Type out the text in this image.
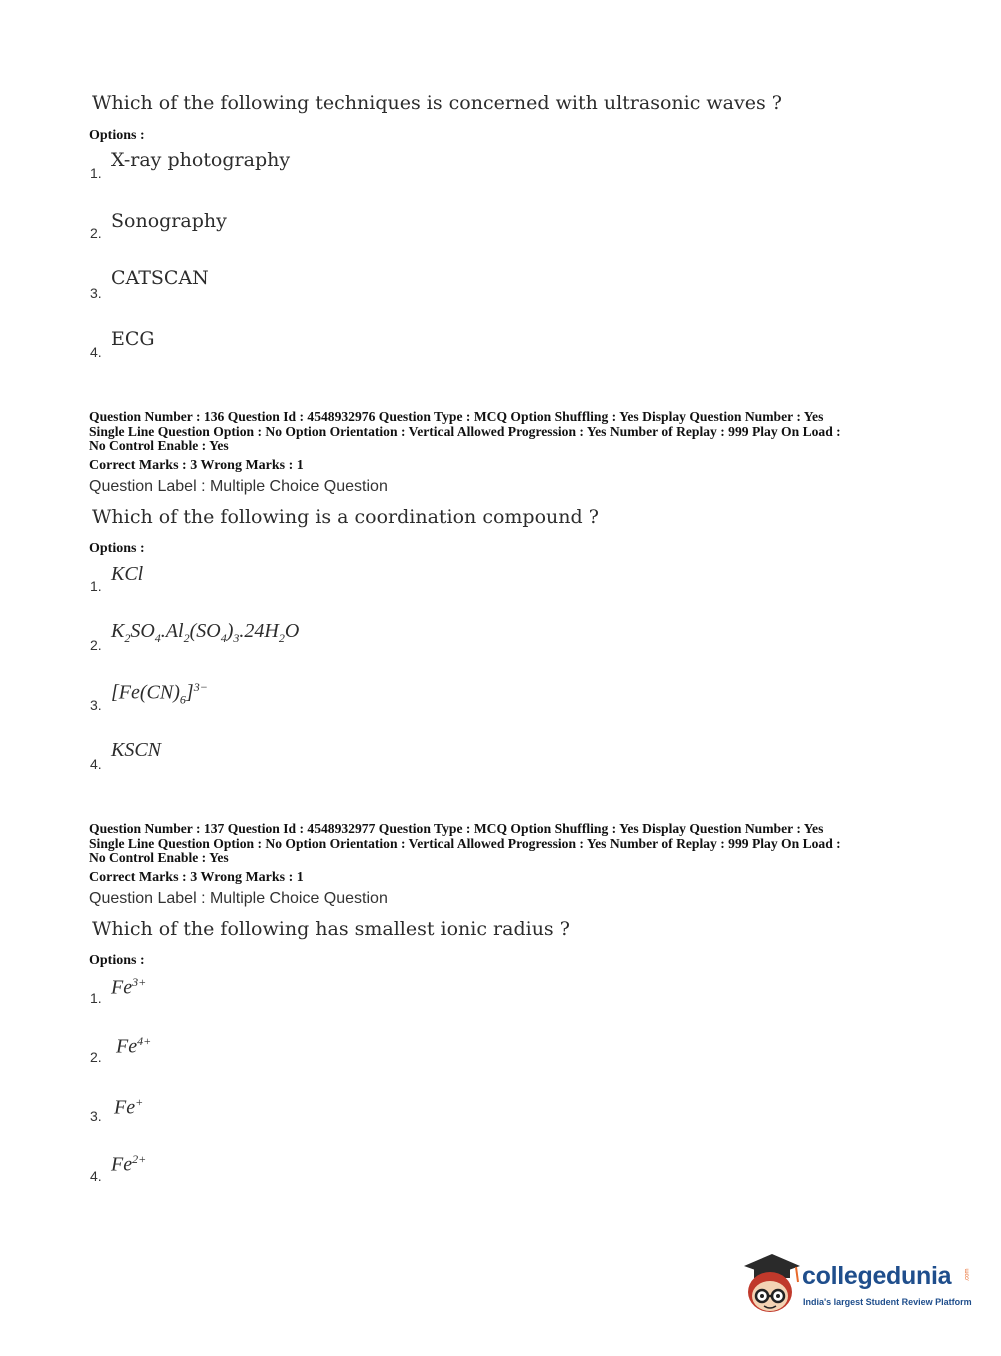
Which of the following techniques is concerned with ultrasonic waves ?
Options :
1.
X-ray photography
2.
Sonography
3.
CATSCAN
4.
ECG
Question Number : 136 Question Id : 4548932976 Question Type : MCQ Option Shuffling : Yes Display Question Number : Yes
Single Line Question Option : No Option Orientation : Vertical Allowed Progression : Yes Number of Replay : 999 Play On Load :
No Control Enable : Yes
Correct Marks : 3 Wrong Marks : 1
Question Label : Multiple Choice Question
Which of the following is a coordination compound ?
Options :
1.
KCl
2.
$K_2SO_4.Al_2(SO_4)_3.24H_2O$
3.
$[Fe(CN)_6]^{3-}$
4.
KSCN
Question Number : 137 Question Id : 4548932977 Question Type : MCQ Option Shuffling : Yes Display Question Number : Yes
Single Line Question Option : No Option Orientation : Vertical Allowed Progression : Yes Number of Replay : 999 Play On Load :
No Control Enable : Yes
Correct Marks : 3 Wrong Marks : 1
Question Label : Multiple Choice Question
Which of the following has smallest ionic radius ?
Options :
1. $Fe^{3+}$
2. $Fe^{4+}$
3. Fe+
4.
$Fe^{2+}$
collegedunia .com
India's largest Student Review Platform
